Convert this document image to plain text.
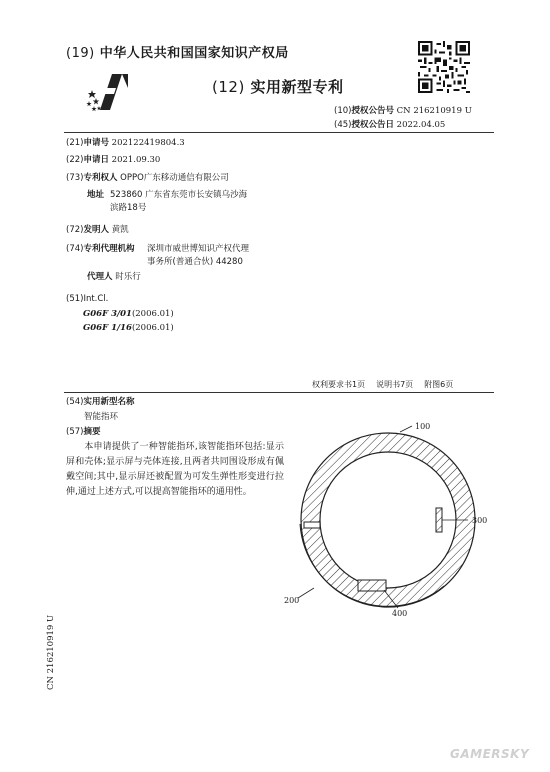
(19) 中华人民共和国国家知识产权局
(12) 实用新型专利
(10)授权公告号 CN 216210919 U
(45)授权公告日 2022.04.05
(21)申请号 202122419804.3
(22)申请日 2021.09.30
(73)专利权人 OPPO广东移动通信有限公司
地址 523860 广东省东莞市长安镇乌沙海
滨路18号
(72)发明人 黄凯
(74)专利代理机构 深圳市威世博知识产权代理
事务所(普通合伙) 44280
代理人 时乐行
(51)Int.Cl.
G06F 3/01(2006.01)
G06F 1/16(2006.01)
权利要求书1页 说明书7页 附图6页
(54)实用新型名称
智能指环
(57)摘要
本申请提供了一种智能指环,该智能指环包括:显示屏和壳体;显示屏与壳体连接,且两者共同围设形成有佩戴空间;其中,显示屏还被配置为可发生弹性形变进行拉伸,通过上述方式,可以提高智能指环的通用性。
100
300
200
400
CN 216210919 U
GAMERSKY
